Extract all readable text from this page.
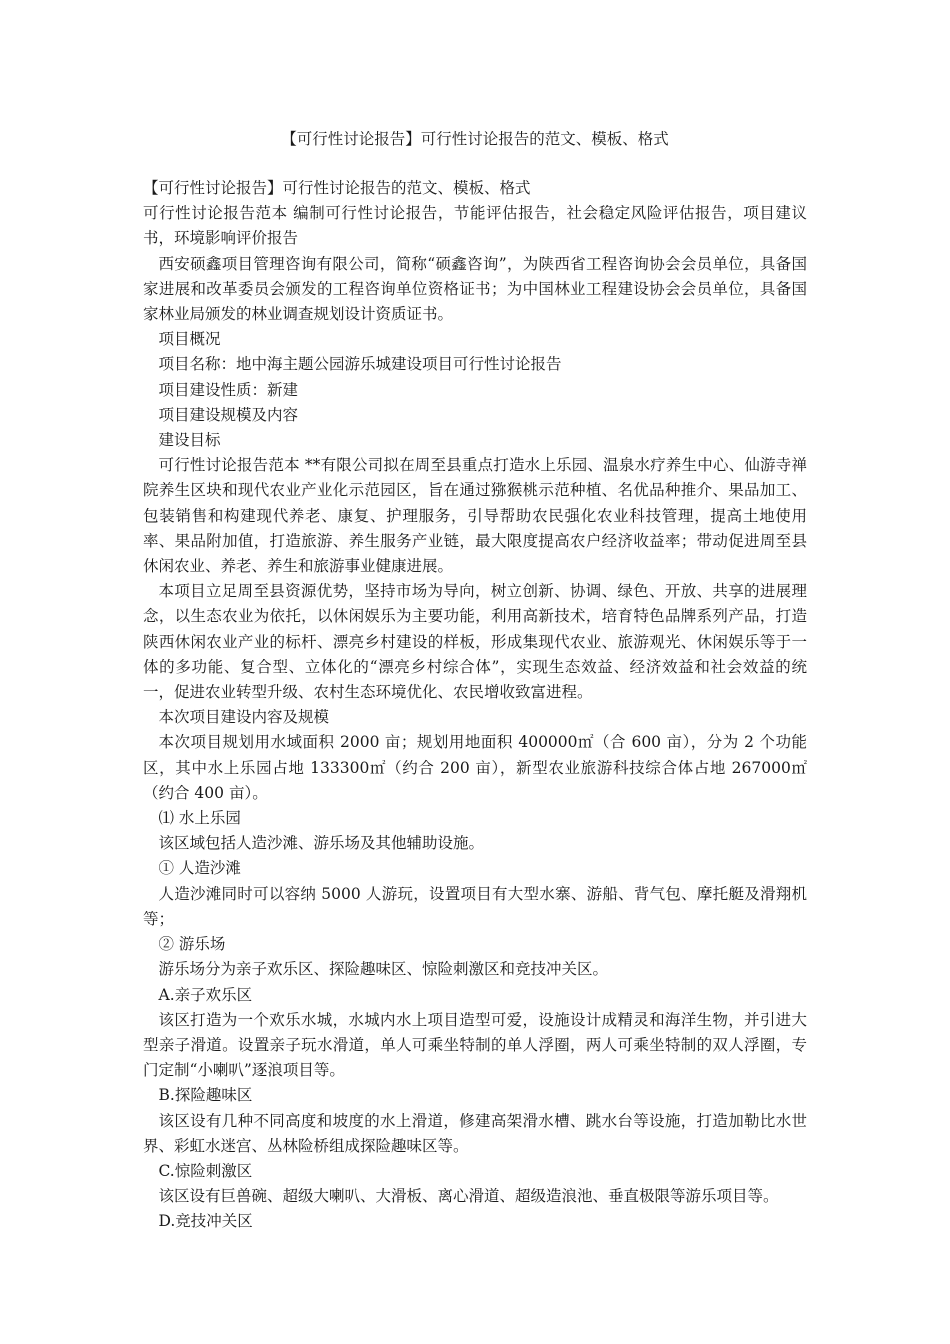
【可行性讨论报告】可行性讨论报告的范文、模板、格式

【可行性讨论报告】可行性讨论报告的范文、模板、格式

可行性讨论报告范本 编制可行性讨论报告，节能评估报告，社会稳定风险评估报告，项目建议书，环境影响评价报告

西安硕鑫项目管理咨询有限公司，简称“硕鑫咨询”，为陕西省工程咨询协会会员单位，具备国家进展和改革委员会颁发的工程咨询单位资格证书；为中国林业工程建设协会会员单位，具备国家林业局颁发的林业调查规划设计资质证书。

项目概况

项目名称：地中海主题公园游乐城建设项目可行性讨论报告

项目建设性质：新建

项目建设规模及内容

建设目标

可行性讨论报告范本 **有限公司拟在周至县重点打造水上乐园、温泉水疗养生中心、仙游寺禅院养生区块和现代农业产业化示范园区，旨在通过猕猴桃示范种植、名优品种推介、果品加工、包装销售和构建现代养老、康复、护理服务，引导帮助农民强化农业科技管理，提高土地使用率、果品附加值，打造旅游、养生服务产业链，最大限度提高农户经济收益率；带动促进周至县休闲农业、养老、养生和旅游事业健康进展。

本项目立足周至县资源优势，坚持市场为导向，树立创新、协调、绿色、开放、共享的进展理念，以生态农业为依托，以休闲娱乐为主要功能，利用高新技术，培育特色品牌系列产品，打造陕西休闲农业产业的标杆、漂亮乡村建设的样板，形成集现代农业、旅游观光、休闲娱乐等于一体的多功能、复合型、立体化的“漂亮乡村综合体”，实现生态效益、经济效益和社会效益的统一，促进农业转型升级、农村生态环境优化、农民增收致富进程。

本次项目建设内容及规模

本次项目规划用水域面积 2000 亩；规划用地面积 400000㎡（合 600 亩），分为 2 个功能区，其中水上乐园占地 133300㎡（约合 200 亩），新型农业旅游科技综合体占地 267000㎡（约合 400 亩）。

⑴ 水上乐园

该区域包括人造沙滩、游乐场及其他辅助设施。

① 人造沙滩

人造沙滩同时可以容纳 5000 人游玩，设置项目有大型水寨、游船、背气包、摩托艇及滑翔机等；

② 游乐场

游乐场分为亲子欢乐区、探险趣味区、惊险刺激区和竞技冲关区。

A.亲子欢乐区

该区打造为一个欢乐水城，水城内水上项目造型可爱，设施设计成精灵和海洋生物，并引进大型亲子滑道。设置亲子玩水滑道，单人可乘坐特制的单人浮圈，两人可乘坐特制的双人浮圈，专门定制“小喇叭”逐浪项目等。

B.探险趣味区

该区设有几种不同高度和坡度的水上滑道，修建高架滑水槽、跳水台等设施，打造加勒比水世界、彩虹水迷宫、丛林险桥组成探险趣味区等。

C.惊险刺激区

该区设有巨兽碗、超级大喇叭、大滑板、离心滑道、超级造浪池、垂直极限等游乐项目等。

D.竞技冲关区
